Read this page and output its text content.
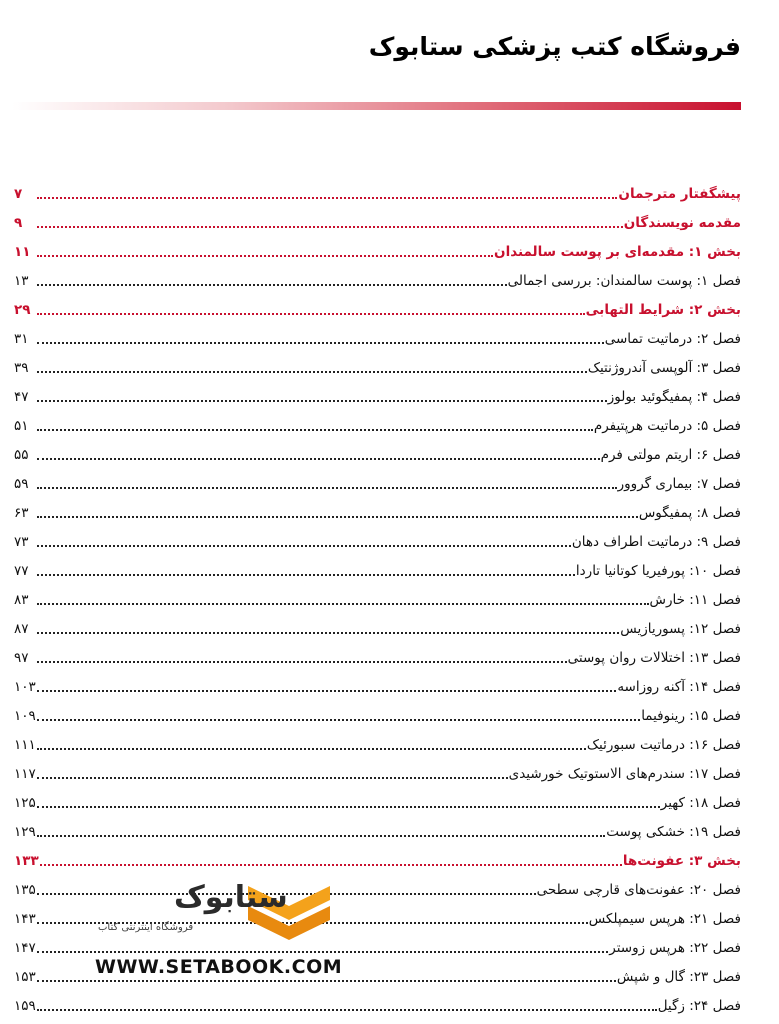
فروشگاه کتب پزشکی ستابوک
پیشگفتار مترجمان
۷
مقدمه نویسندگان
۹
بخش ۱: مقدمه‌ای بر پوست سالمندان
۱۱
فصل ۱: پوست سالمندان: بررسی اجمالی
۱۳
بخش ۲: شرایط التهابی
۲۹
فصل ۲: درماتیت تماسی
۳۱
فصل ۳: آلوپسی آندروژنتیک
۳۹
فصل ۴: پمفیگوئید بولوز
۴۷
فصل ۵: درماتیت هرپتیفرم
۵۱
فصل ۶: اریتم مولتی فرم
۵۵
فصل ۷: بیماری گروور
۵۹
فصل ۸: پمفیگوس
۶۳
فصل ۹: درماتیت اطراف دهان
۷۳
فصل ۱۰: پورفیریا کوتانیا تاردا
۷۷
فصل ۱۱: خارش
۸۳
فصل ۱۲: پسوریازیس
۸۷
فصل ۱۳: اختلالات روان پوستی
۹۷
فصل ۱۴: آکنه روزاسه
۱۰۳
فصل ۱۵: رینوفیما
۱۰۹
فصل ۱۶: درماتیت سبورئیک
۱۱۱
فصل ۱۷: سندرم‌های الاستوتیک خورشیدی
۱۱۷
فصل ۱۸: کهیر
۱۲۵
فصل ۱۹: خشکی پوست
۱۲۹
بخش ۳: عفونت‌ها
۱۳۳
فصل ۲۰: عفونت‌های قارچی سطحی
۱۳۵
فصل ۲۱: هرپس سیمپلکس
۱۴۳
فصل ۲۲: هرپس زوستر
۱۴۷
فصل ۲۳: گال و شپش
۱۵۳
فصل ۲۴: زگیل
۱۵۹
ستابوک
فروشگاه اینترنتی کتاب
WWW.SETABOOK.COM
